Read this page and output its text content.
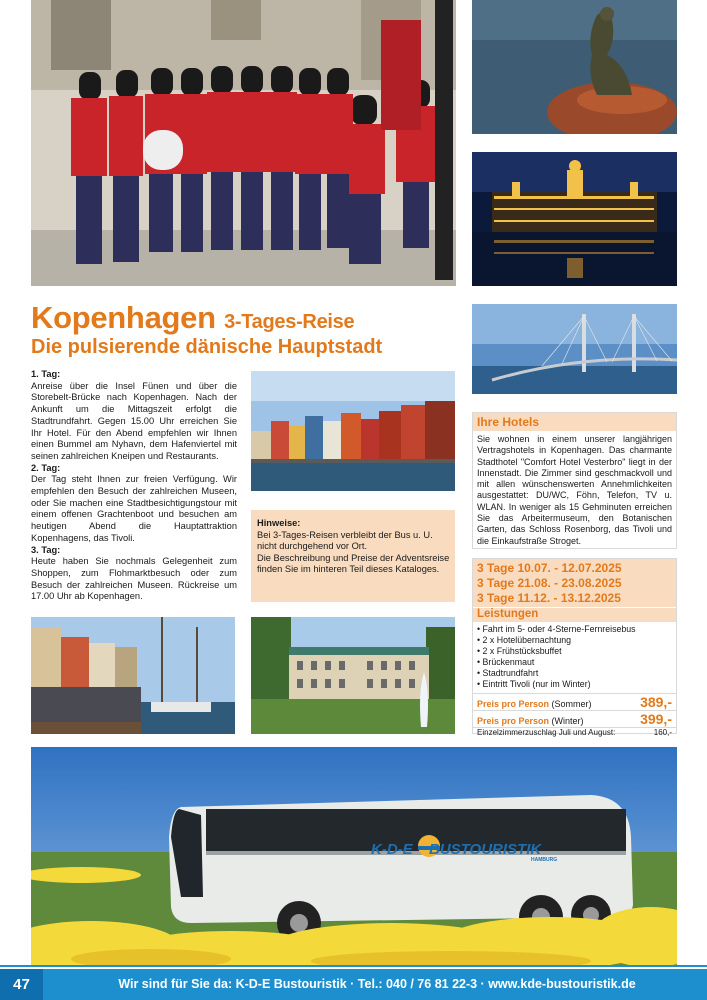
Kopenhagen 3-Tages-Reise
Die pulsierende dänische Hauptstadt

1. Tag:
Anreise über die Insel Fünen und über die Storebelt-Brücke nach Kopenhagen. Nach der Ankunft um die Mittagszeit erfolgt die Stadtrundfahrt. Gegen 15.00 Uhr erreichen Sie Ihr Hotel. Für den Abend empfehlen wir Ihnen einen Bummel am Nyhavn, dem Hafenviertel mit seinen zahlreichen Kneipen und Restaurants.

2. Tag:
Der Tag steht Ihnen zur freien Verfügung. Wir empfehlen den Besuch der zahlreichen Museen, oder Sie machen eine Stadtbesichtigungstour mit einem offenen Grachtenboot und besuchen am heutigen Abend die Hauptattraktion Kopenhagens, das Tivoli.

3. Tag:
Heute haben Sie nochmals Gelegenheit zum Shoppen, zum Flohmarktbesuch oder zum Besuch der zahlreichen Museen. Rückreise um 17.00 Uhr ab Kopenhagen.

Hinweise:
Bei 3-Tages-Reisen verbleibt der Bus u. U. nicht durchgehend vor Ort.
Die Beschreibung und Preise der Adventsreise finden Sie im hinteren Teil dieses Kataloges.
Ihre Hotels
Sie wohnen in einem unserer langjährigen Vertragshotels in Kopenhagen. Das charmante Stadthotel "Comfort Hotel Vesterbro" liegt in der Innenstadt. Die Zimmer sind geschmackvoll und mit allen wünschenswerten Annehmlichkeiten ausgestattet: DU/WC, Föhn, Telefon, TV u. WLAN. In weniger als 15 Gehminuten erreichen Sie das Arbeitermuseum, den Botanischen Garten, das Schloss Rosenborg, das Tivoli und die Einkaufstraße Stroget.
3 Tage 10.07. - 12.07.2025
3 Tage 21.08. - 23.08.2025
3 Tage 11.12. - 13.12.2025
Leistungen
• Fahrt im 5- oder 4-Sterne-Fernreisebus
• 2 x Hotelübernachtung
• 2 x Frühstücksbuffet
• Brückenmaut
• Stadtrundfahrt
• Eintritt Tivoli (nur im Winter)
Preis pro Person (Sommer)	389,-
Preis pro Person (Winter)	399,-
Einzelzimmerzuschlag Juli und August:	160,-
K-D-E BUSTOURISTIK
HAMBURG
47	Wir sind für Sie da: K-D-E Bustouristik · Tel.: 040 / 76 81 22-3 · www.kde-bustouristik.de
